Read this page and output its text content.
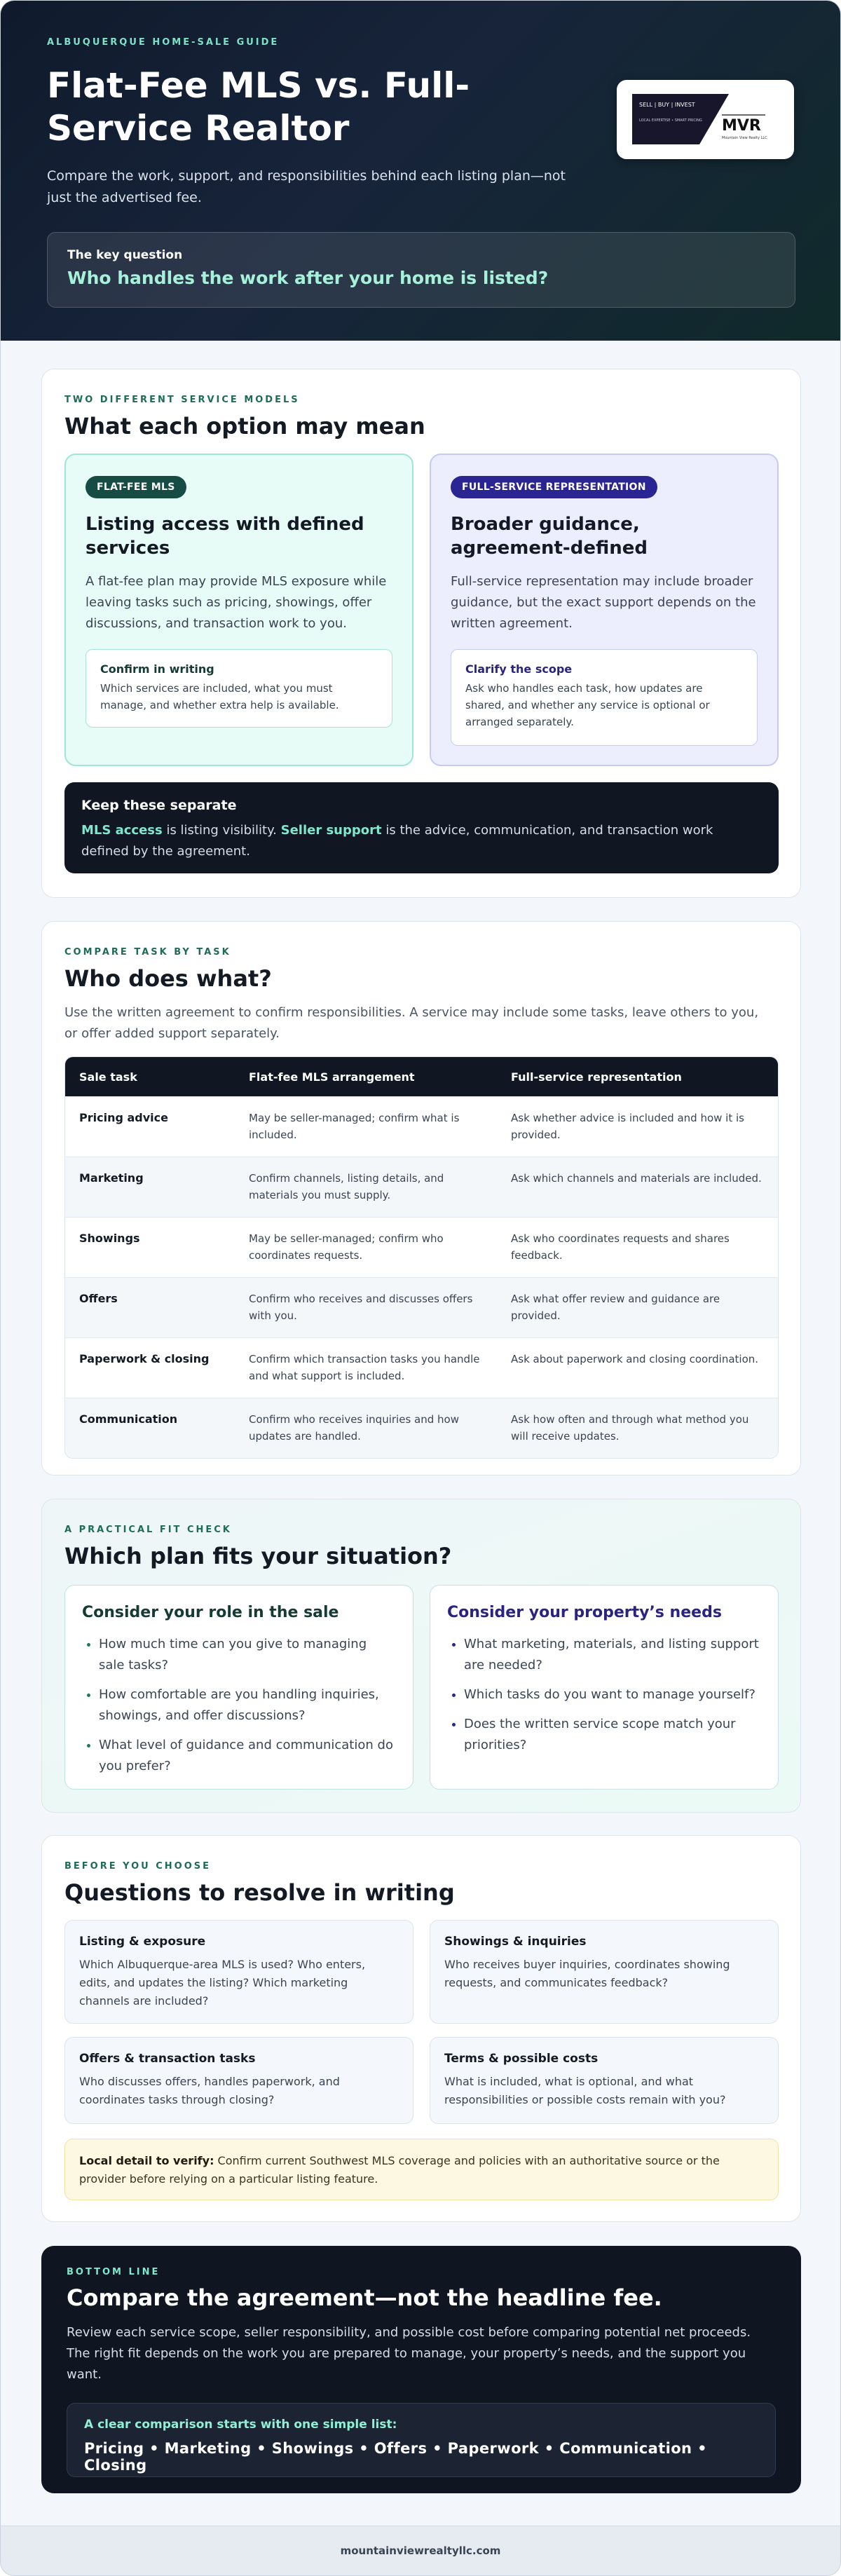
ALBUQUERQUE HOME-SALE GUIDE
Flat-Fee MLS vs. Full-Service Realtor
Compare the work, support, and responsibilities behind each listing plan—not just the advertised fee.
SELL | BUY | INVEST
LOCAL EXPERTISE • SMART PRICING MVR
Mountain View Realty LLC
The key question
Who handles the work after your home is listed?
TWO DIFFERENT SERVICE MODELS
What each option may mean
FLAT-FEE MLS
Listing access with defined services

A flat-fee plan may provide MLS exposure while leaving tasks such as pricing, showings, offer discussions, and transaction work to you.

Confirm in writing
Which services are included, what you must manage, and whether extra help is available.
FULL-SERVICE REPRESENTATION
Broader guidance, agreement-defined

Full-service representation may include broader guidance, but the exact support depends on the written agreement.

Clarify the scope
Ask who handles each task, how updates are shared, and whether any service is optional or arranged separately.
Keep these separate
MLS access is listing visibility. Seller support is the advice, communication, and transaction work defined by the agreement.
COMPARE TASK BY TASK
Who does what?
Use the written agreement to confirm responsibilities. A service may include some tasks, leave others to you, or offer added support separately.
Sale task	Flat-fee MLS arrangement	Full-service representation
Pricing advice	May be seller-managed; confirm what is included.	Ask whether advice is included and how it is provided.
Marketing	Confirm channels, listing details, and materials you must supply.	Ask which channels and materials are included.
Showings	May be seller-managed; confirm who coordinates requests.	Ask who coordinates requests and shares feedback.
Offers	Confirm who receives and discusses offers with you.	Ask what offer review and guidance are provided.
Paperwork & closing	Confirm which transaction tasks you handle and what support is included.	Ask about paperwork and closing coordination.
Communication	Confirm who receives inquiries and how updates are handled.	Ask how often and through what method you will receive updates.
A PRACTICAL FIT CHECK
Which plan fits your situation?
Consider your role in the sale
• How much time can you give to managing sale tasks?
• How comfortable are you handling inquiries, showings, and offer discussions?
• What level of guidance and communication do you prefer?
Consider your property’s needs
• What marketing, materials, and listing support are needed?
• Which tasks do you want to manage yourself?
• Does the written service scope match your priorities?
BEFORE YOU CHOOSE
Questions to resolve in writing
Listing & exposure
Which Albuquerque-area MLS is used? Who enters, edits, and updates the listing? Which marketing channels are included?
Showings & inquiries
Who receives buyer inquiries, coordinates showing requests, and communicates feedback?
Offers & transaction tasks
Who discusses offers, handles paperwork, and coordinates tasks through closing?
Terms & possible costs
What is included, what is optional, and what responsibilities or possible costs remain with you?
Local detail to verify: Confirm current Southwest MLS coverage and policies with an authoritative source or the provider before relying on a particular listing feature.
BOTTOM LINE
Compare the agreement—not the headline fee.
Review each service scope, seller responsibility, and possible cost before comparing potential net proceeds. The right fit depends on the work you are prepared to manage, your property’s needs, and the support you want.
A clear comparison starts with one simple list:
Pricing • Marketing • Showings • Offers • Paperwork • Communication • Closing
mountainviewrealtyllc.com
